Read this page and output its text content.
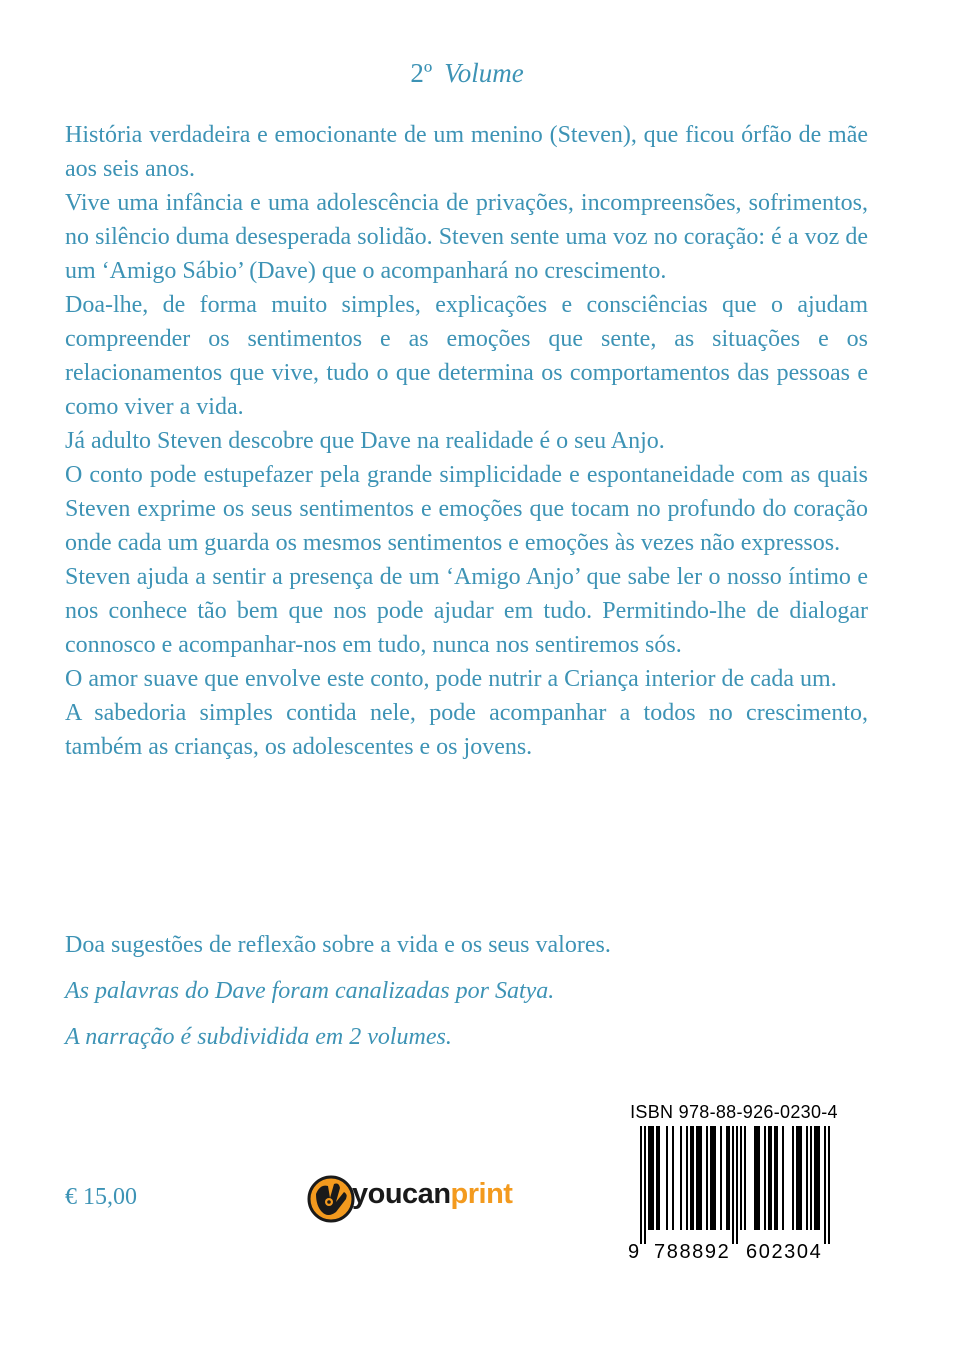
2º Volume

História verdadeira e emocionante de um menino (Steven), que ficou órfão de mãe aos seis anos.

Vive uma infância e uma adolescência de privações, incompreensões, sofrimentos, no silêncio duma desesperada solidão. Steven sente uma voz no coração: é a voz de um ‘Amigo Sábio’ (Dave) que o acompanhará no crescimento.

Doa-lhe, de forma muito simples, explicações e consciências que o ajudam compreender os sentimentos e as emoções que sente, as situações e os relacionamentos que vive, tudo o que determina os comportamentos das pessoas e como viver a vida.

Já adulto Steven descobre que Dave na realidade é o seu Anjo.

O conto pode estupefazer pela grande simplicidade e espontaneidade com as quais Steven exprime os seus sentimentos e emoções que tocam no profundo do coração onde cada um guarda os mesmos sentimentos e emoções às vezes não expressos.

Steven ajuda a sentir a presença de um ‘Amigo Anjo’ que sabe ler o nosso íntimo e nos conhece tão bem que nos pode ajudar em tudo. Permitindo-lhe de dialogar connosco e acompanhar-nos em tudo, nunca nos sentiremos sós.

O amor suave que envolve este conto, pode nutrir a Criança interior de cada um.

A sabedoria simples contida nele, pode acompanhar a todos no crescimento, também as crianças, os adolescentes e os jovens.

Doa sugestões de reflexão sobre a vida e os seus valores.

As palavras do Dave foram canalizadas por Satya.

A narração é subdividida em 2 volumes.

€ 15,00	youcanprint
ISBN 978-88-926-0230-4
9 788892 602304
